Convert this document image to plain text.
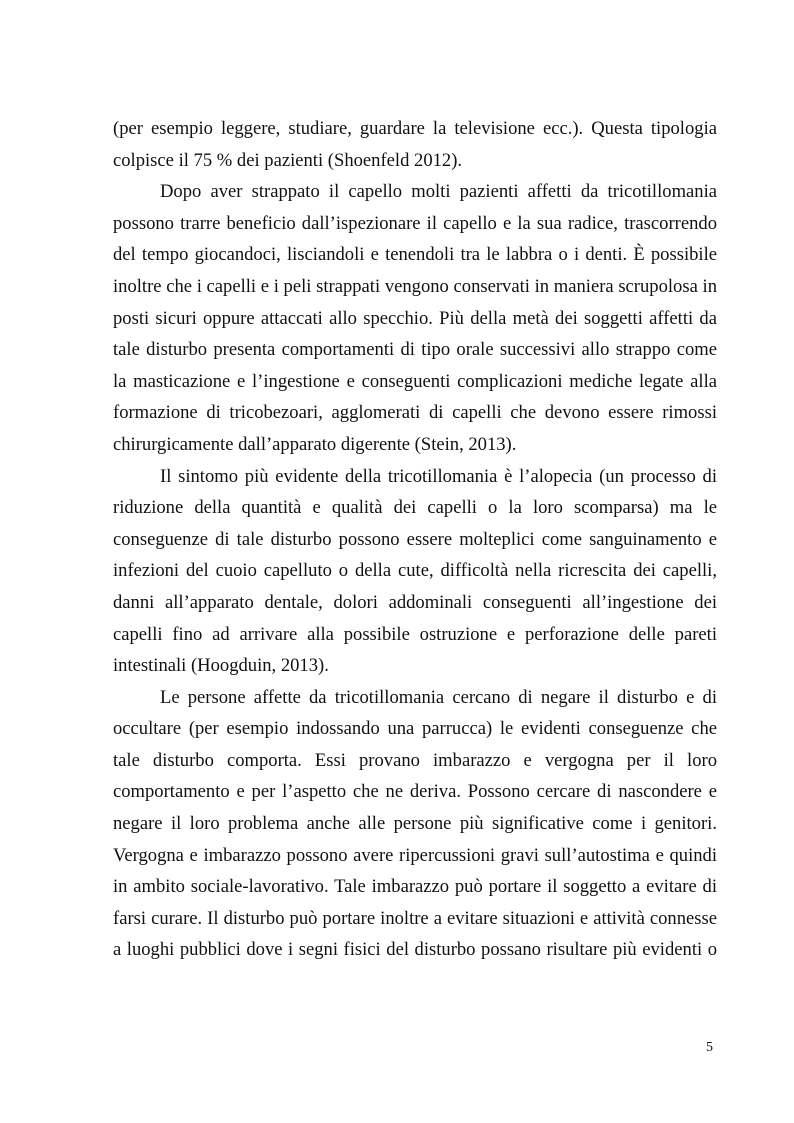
(per esempio leggere, studiare, guardare la televisione ecc.). Questa tipologia colpisce il 75 % dei pazienti (Shoenfeld 2012).

Dopo aver strappato il capello molti pazienti affetti da tricotillomania possono trarre beneficio dall’ispezionare il capello e la sua radice, trascorrendo del tempo giocandoci, lisciandoli e tenendoli tra le labbra o i denti. È possibile inoltre che i capelli e i peli strappati vengono conservati in maniera scrupolosa in posti sicuri oppure attaccati allo specchio. Più della metà dei soggetti affetti da tale disturbo presenta comportamenti di tipo orale successivi allo strappo come la masticazione e l’ingestione e conseguenti complicazioni mediche legate alla formazione di tricobezoari, agglomerati di capelli che devono essere rimossi chirurgicamente dall’apparato digerente (Stein, 2013).

Il sintomo più evidente della tricotillomania è l’alopecia (un processo di riduzione della quantità e qualità dei capelli o la loro scomparsa) ma le conseguenze di tale disturbo possono essere molteplici come sanguinamento e infezioni del cuoio capelluto o della cute, difficoltà nella ricrescita dei capelli, danni all’apparato dentale, dolori addominali conseguenti all’ingestione dei capelli fino ad arrivare alla possibile ostruzione e perforazione delle pareti intestinali (Hoogduin, 2013).

Le persone affette da tricotillomania cercano di negare il disturbo e di occultare (per esempio indossando una parrucca) le evidenti conseguenze che tale disturbo comporta. Essi provano imbarazzo e vergogna per il loro comportamento e per l’aspetto che ne deriva. Possono cercare di nascondere e negare il loro problema anche alle persone più significative come i genitori. Vergogna e imbarazzo possono avere ripercussioni gravi sull’autostima e quindi in ambito sociale-lavorativo. Tale imbarazzo può portare il soggetto a evitare di farsi curare. Il disturbo può portare inoltre a evitare situazioni e attività connesse a luoghi pubblici dove i segni fisici del disturbo possano risultare più evidenti o

5
